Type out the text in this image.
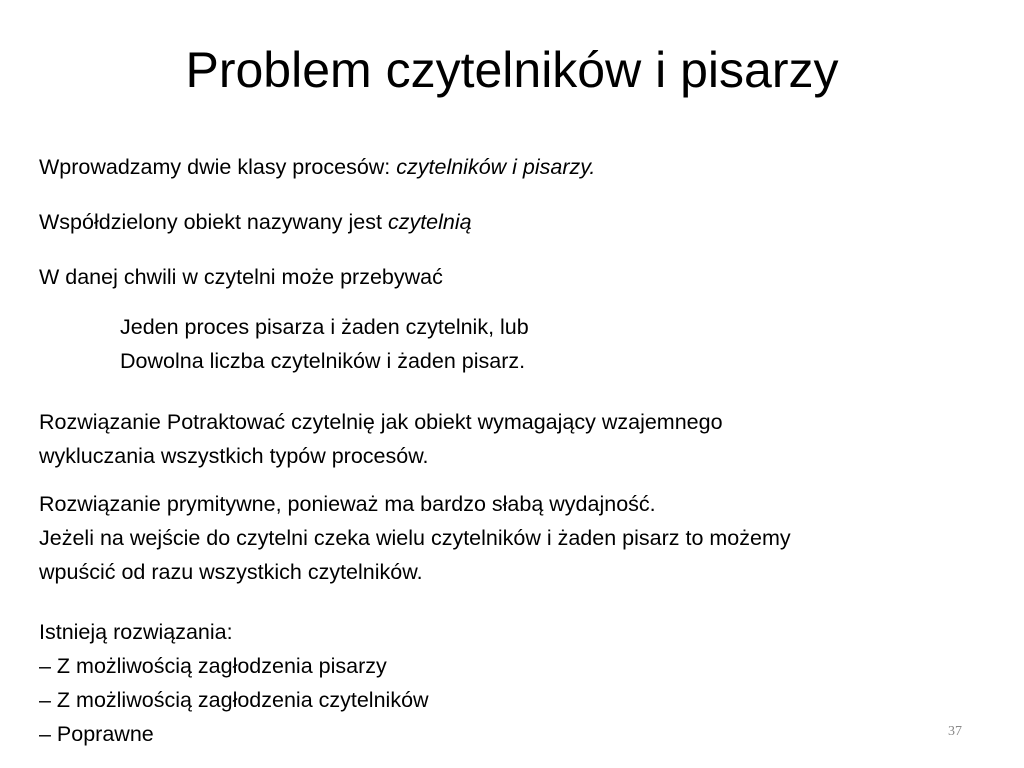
Problem czytelników i pisarzy

Wprowadzamy dwie klasy procesów: czytelników i pisarzy.

Współdzielony obiekt nazywany jest czytelnią

W danej chwili w czytelni może przebywać

Jeden proces pisarza i żaden czytelnik, lub
Dowolna liczba czytelników i żaden pisarz.
Rozwiązanie Potraktować czytelnię jak obiekt wymagający wzajemnego
wykluczania wszystkich typów procesów.
Rozwiązanie prymitywne, ponieważ ma bardzo słabą wydajność.
Jeżeli na wejście do czytelni czeka wielu czytelników i żaden pisarz to możemy
wpuścić od razu wszystkich czytelników.
Istnieją rozwiązania:
– Z możliwością zagłodzenia pisarzy
– Z możliwością zagłodzenia czytelników
– Poprawne	37
